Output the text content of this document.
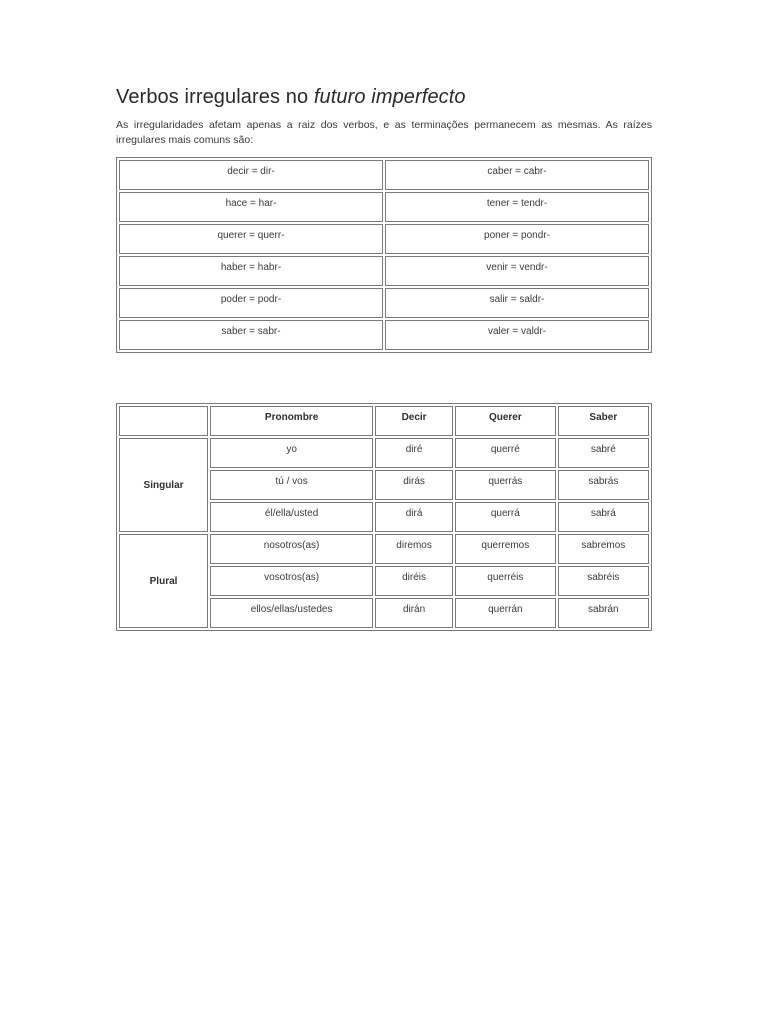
Verbos irregulares no futuro imperfecto

As irregularidades afetam apenas a raiz dos verbos, e as terminações permanecem as mesmas. As raízes irregulares mais comuns são:

decir = dir-	caber = cabr-
hace = har-	tener = tendr-
querer = querr-	poner = pondr-
haber = habr-	venir = vendr-
poder = podr-	salir = saldr-
saber = sabr-	valer = valdr-
	Pronombre	Decir	Querer	Saber
Singular	yo	diré	querré	sabré
	tú / vos	dirás	querrás	sabrás
	él/ella/usted	dirá	querrá	sabrá
Plural	nosotros(as)	diremos	querremos	sabremos
	vosotros(as)	diréis	querréis	sabréis
	ellos/ellas/ustedes	dirán	querrán	sabrán
